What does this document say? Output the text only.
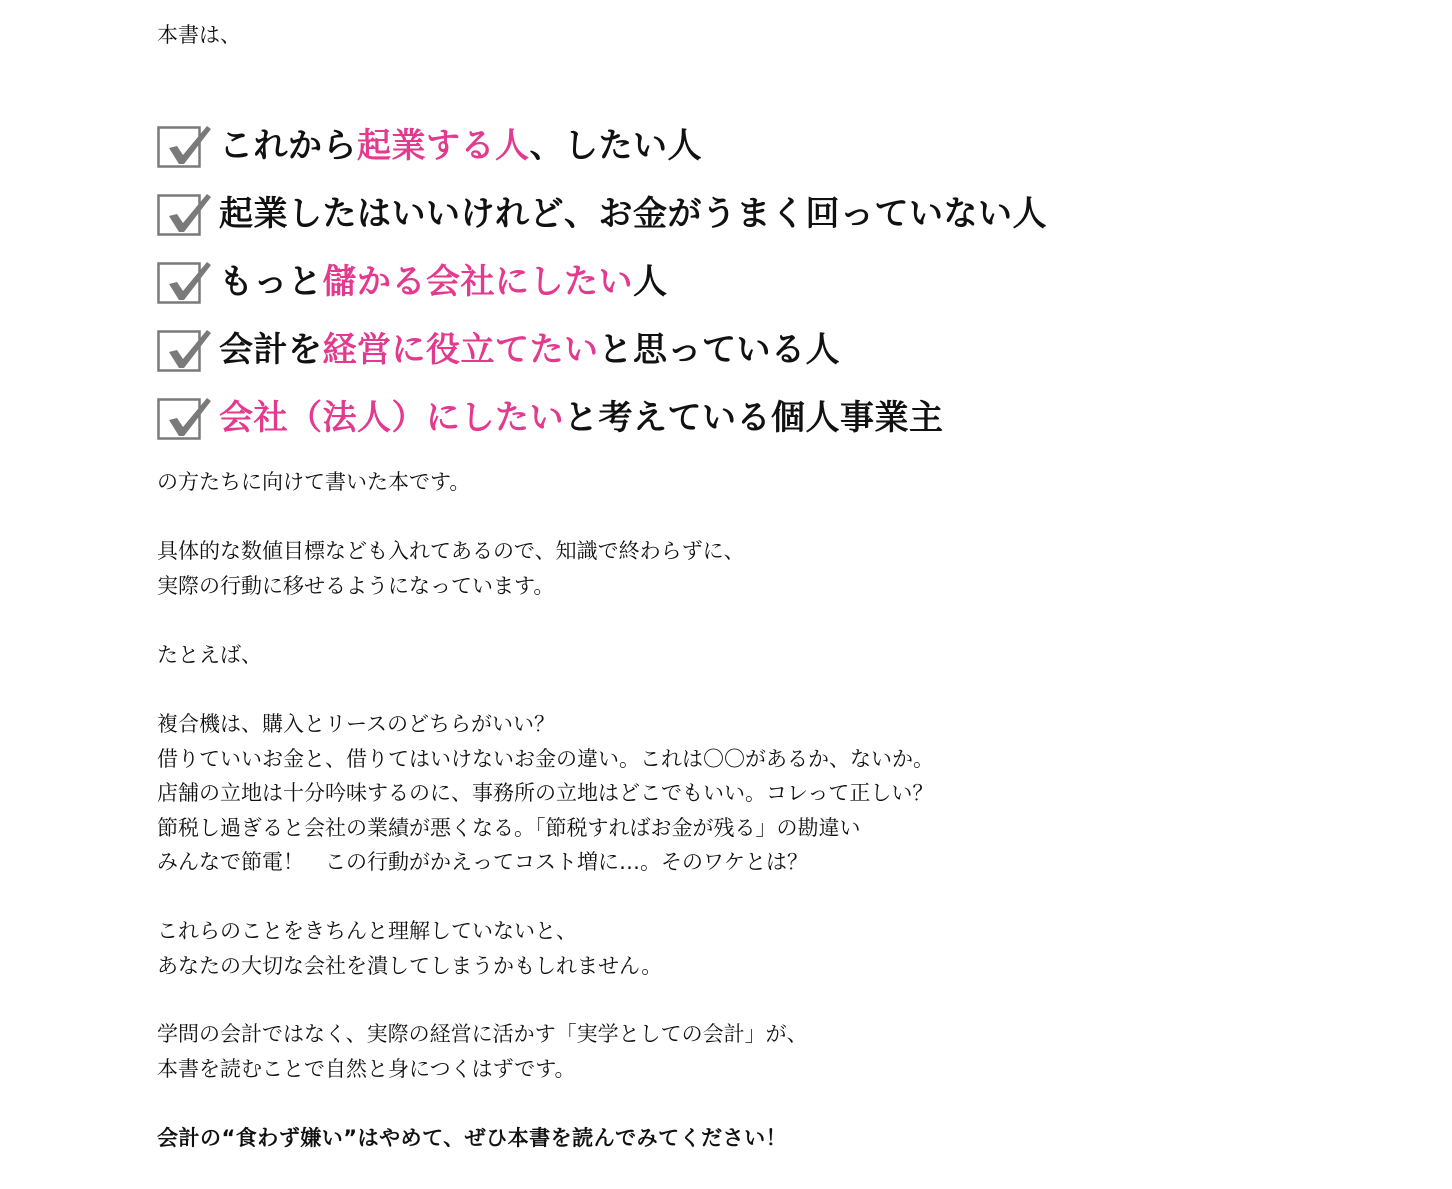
本書は、
これから起業する人、したい人
起業したはいいけれど、お金がうまく回っていない人
もっと儲かる会社にしたい人
会計を経営に役立てたいと思っている人
会社（法人）にしたいと考えている個人事業主

の方たちに向けて書いた本です。

具体的な数値目標なども入れてあるので、知識で終わらずに、
実際の行動に移せるようになっています。

たとえば、

複合機は、購入とリースのどちらがいい？
借りていいお金と、借りてはいけないお金の違い。これは〇〇があるか、ないか。
店舗の立地は十分吟味するのに、事務所の立地はどこでもいい。コレって正しい？
節税し過ぎると会社の業績が悪くなる。「節税すればお金が残る」の勘違い
みんなで節電！　この行動がかえってコスト増に…。そのワケとは？

これらのことをきちんと理解していないと、
あなたの大切な会社を潰してしまうかもしれません。

学問の会計ではなく、実際の経営に活かす「実学としての会計」が、
本書を読むことで自然と身につくはずです。

会計の“食わず嫌い”はやめて、ぜひ本書を読んでみてください！
